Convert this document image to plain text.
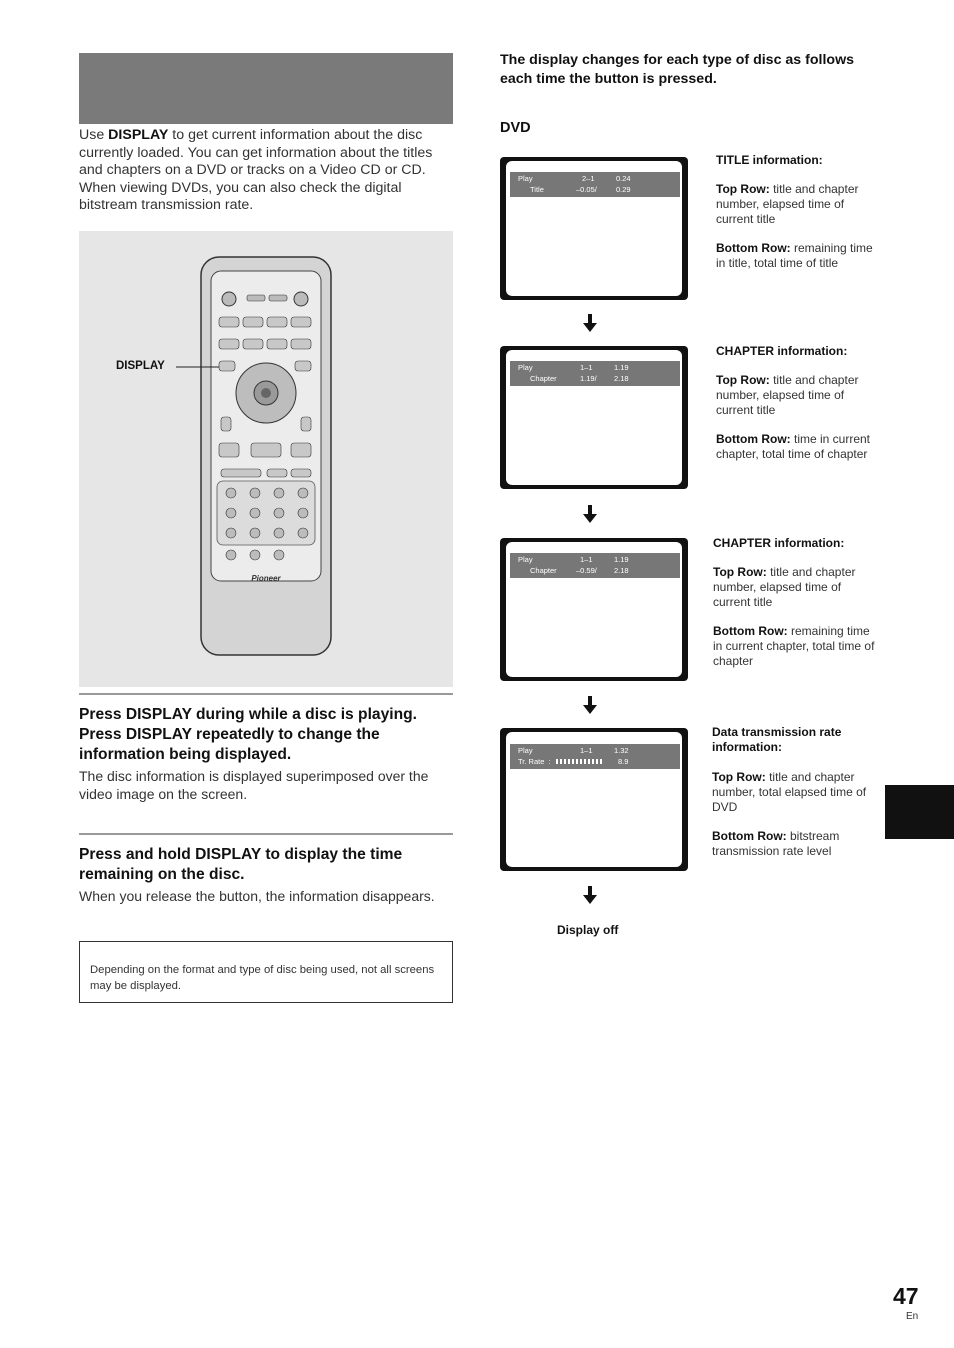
Use DISPLAY to get current information about the disc currently loaded. You can get information about the titles and chapters on a DVD or tracks on a Video CD or CD. When viewing DVDs, you can also check the digital bitstream transmission rate.
Pioneer
DISPLAY
Press DISPLAY during while a disc is playing. Press DISPLAY repeatedly to change the information being displayed.
The disc information is displayed superimposed over the video image on the screen.
Press and hold DISPLAY to display the time remaining on the disc.
When you release the button, the information disappears.
Depending on the format and type of disc being used, not all screens may be displayed.
The display changes for each type of disc as follows each time the button is pressed.
DVD
Play	2–1	0.24
Title	–0.05/	0.29

TITLE information:

Top Row: title and chapter number, elapsed time of current title

Bottom Row: remaining time in title, total time of title

Play	1–1	1.19
Chapter	1.19/ 2.18

CHAPTER information:

Top Row: title and chapter number, elapsed time of current title

Bottom Row: time in current chapter, total time of chapter

Play	1–1	1.19
Chapter	–0.59/ 2.18

CHAPTER information:

Top Row: title and chapter number, elapsed time of current title

Bottom Row: remaining time in current chapter, total time of chapter

Play	1–1	1.32
Tr. Rate  :	8.9

Data transmission rate information:

Top Row: title and chapter number, total elapsed time of DVD

Bottom Row: bitstream transmission rate level

Display off
47
En
